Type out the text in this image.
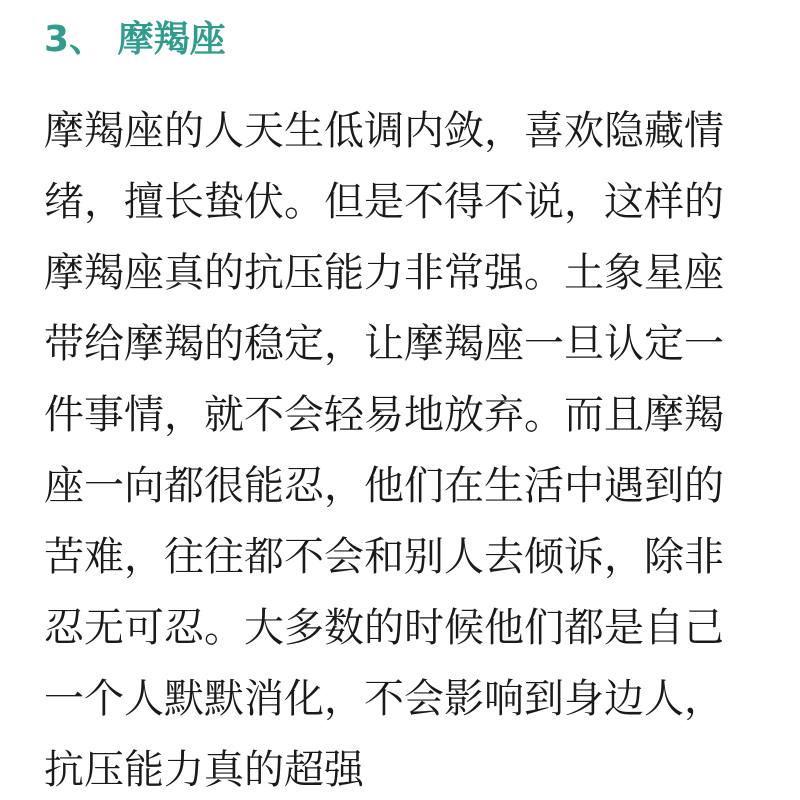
3、 摩羯座
摩羯座的人天生低调内敛，喜欢隐藏情
绪，擅长蛰伏。但是不得不说，这样的
摩羯座真的抗压能力非常强。土象星座
带给摩羯的稳定，让摩羯座一旦认定一
件事情，就不会轻易地放弃。而且摩羯
座一向都很能忍，他们在生活中遇到的
苦难，往往都不会和别人去倾诉，除非
忍无可忍。大多数的时候他们都是自己
一个人默默消化，不会影响到身边人，
抗压能力真的超强
